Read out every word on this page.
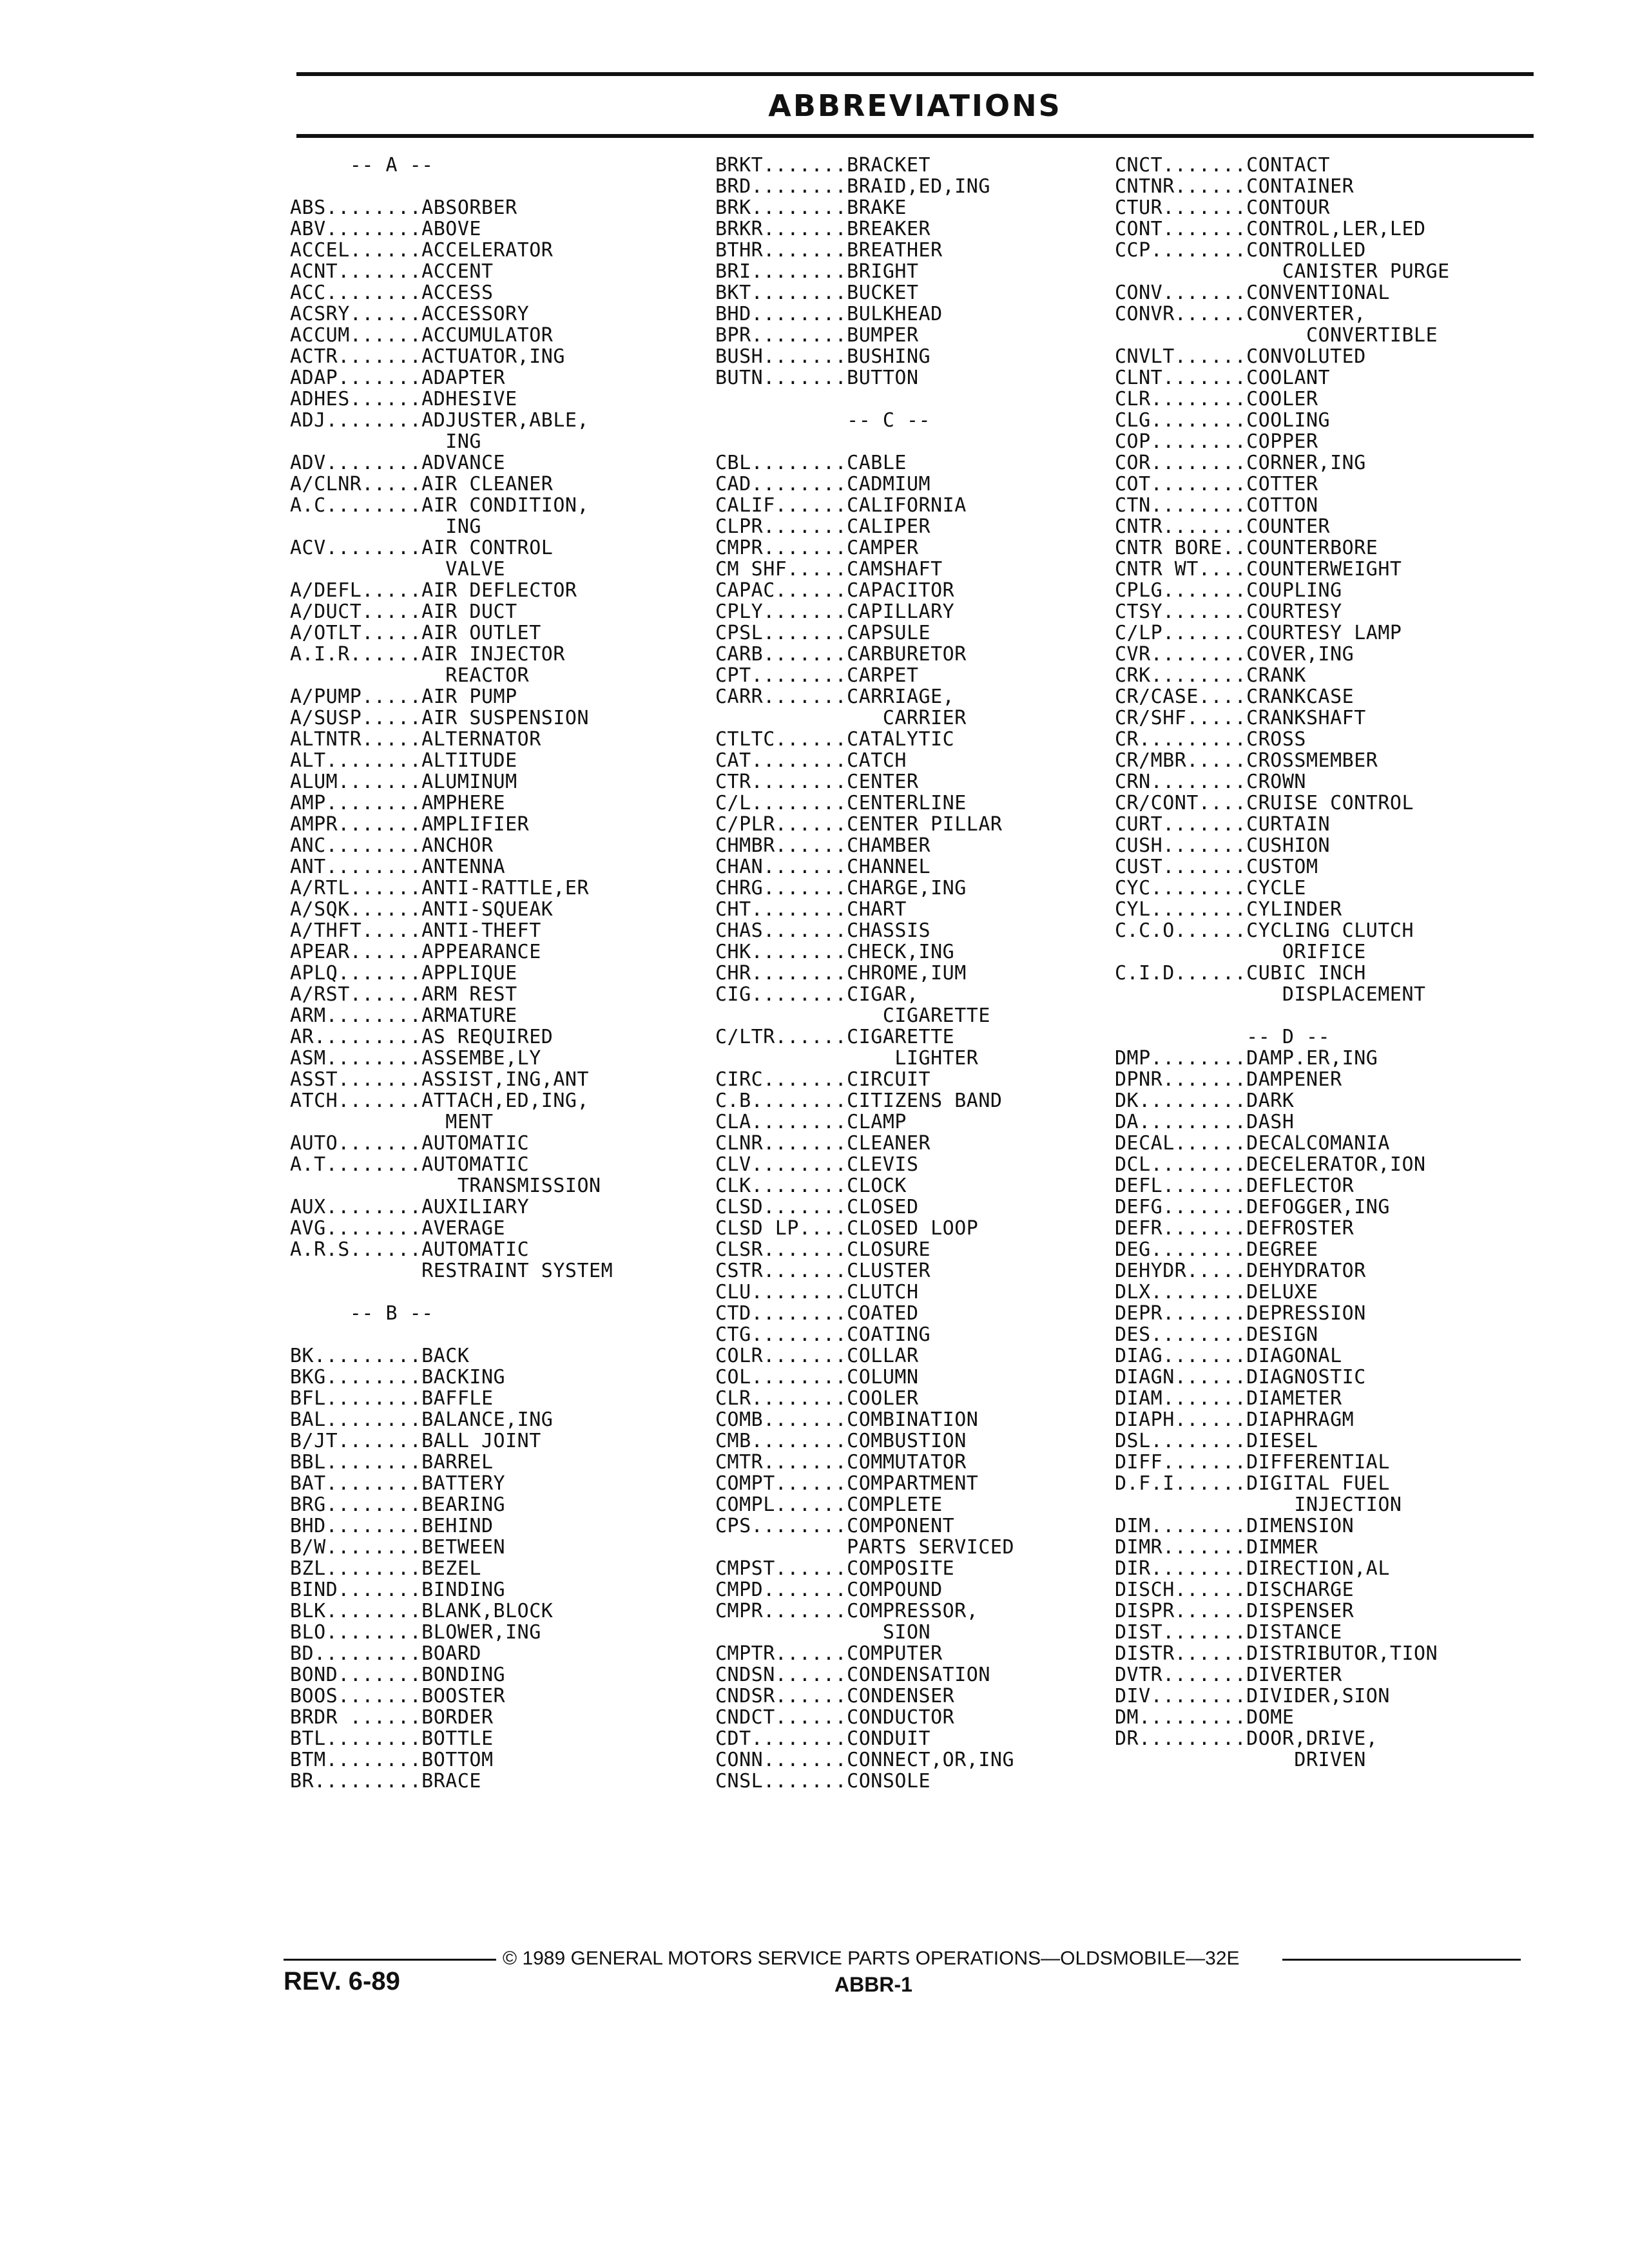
ABBREVIATIONS
-- A --
ABS........ABSORBER
ABV........ABOVE
ACCEL......ACCELERATOR
ACNT.......ACCENT
ACC........ACCESS
ACSRY......ACCESSORY
ACCUM......ACCUMULATOR
ACTR.......ACTUATOR,ING
ADAP.......ADAPTER
ADHES......ADHESIVE
ADJ........ADJUSTER,ABLE,
ING
ADV........ADVANCE
A/CLNR.....AIR CLEANER
A.C........AIR CONDITION,
ING
ACV........AIR CONTROL
VALVE
A/DEFL.....AIR DEFLECTOR
A/DUCT.....AIR DUCT
A/OTLT.....AIR OUTLET
A.I.R......AIR INJECTOR
REACTOR
A/PUMP.....AIR PUMP
A/SUSP.....AIR SUSPENSION
ALTNTR.....ALTERNATOR
ALT........ALTITUDE
ALUM.......ALUMINUM
AMP........AMPHERE
AMPR.......AMPLIFIER
ANC........ANCHOR
ANT........ANTENNA
A/RTL......ANTI-RATTLE,ER
A/SQK......ANTI-SQUEAK
A/THFT.....ANTI-THEFT
APEAR......APPEARANCE
APLQ.......APPLIQUE
A/RST......ARM REST
ARM........ARMATURE
AR.........AS REQUIRED
ASM........ASSEMBE,LY
ASST.......ASSIST,ING,ANT
ATCH.......ATTACH,ED,ING,
MENT
AUTO.......AUTOMATIC
A.T........AUTOMATIC
TRANSMISSION
AUX........AUXILIARY
AVG........AVERAGE
A.R.S......AUTOMATIC
RESTRAINT SYSTEM
-- B --
BK.........BACK
BKG........BACKING
BFL........BAFFLE
BAL........BALANCE,ING
B/JT.......BALL JOINT
BBL........BARREL
BAT........BATTERY
BRG........BEARING
BHD........BEHIND
B/W........BETWEEN
BZL........BEZEL
BIND.......BINDING
BLK........BLANK,BLOCK
BLO........BLOWER,ING
BD.........BOARD
BOND.......BONDING
BOOS.......BOOSTER
BRDR ......BORDER
BTL........BOTTLE
BTM........BOTTOM
BR.........BRACE
BRKT.......BRACKET
BRD........BRAID,ED,ING
BRK........BRAKE
BRKR.......BREAKER
BTHR.......BREATHER
BRI........BRIGHT
BKT........BUCKET
BHD........BULKHEAD
BPR........BUMPER
BUSH.......BUSHING
BUTN.......BUTTON
-- C --
CBL........CABLE
CAD........CADMIUM
CALIF......CALIFORNIA
CLPR.......CALIPER
CMPR.......CAMPER
CM SHF.....CAMSHAFT
CAPAC......CAPACITOR
CPLY.......CAPILLARY
CPSL.......CAPSULE
CARB.......CARBURETOR
CPT........CARPET
CARR.......CARRIAGE,
CARRIER
CTLTC......CATALYTIC
CAT........CATCH
CTR........CENTER
C/L........CENTERLINE
C/PLR......CENTER PILLAR
CHMBR......CHAMBER
CHAN.......CHANNEL
CHRG.......CHARGE,ING
CHT........CHART
CHAS.......CHASSIS
CHK........CHECK,ING
CHR........CHROME,IUM
CIG........CIGAR,
CIGARETTE
C/LTR......CIGARETTE
LIGHTER
CIRC.......CIRCUIT
C.B........CITIZENS BAND
CLA........CLAMP
CLNR.......CLEANER
CLV........CLEVIS
CLK........CLOCK
CLSD.......CLOSED
CLSD LP....CLOSED LOOP
CLSR.......CLOSURE
CSTR.......CLUSTER
CLU........CLUTCH
CTD........COATED
CTG........COATING
COLR.......COLLAR
COL........COLUMN
CLR........COOLER
COMB.......COMBINATION
CMB........COMBUSTION
CMTR.......COMMUTATOR
COMPT......COMPARTMENT
COMPL......COMPLETE
CPS........COMPONENT
PARTS SERVICED
CMPST......COMPOSITE
CMPD.......COMPOUND
CMPR.......COMPRESSOR,
SION
CMPTR......COMPUTER
CNDSN......CONDENSATION
CNDSR......CONDENSER
CNDCT......CONDUCTOR
CDT........CONDUIT
CONN.......CONNECT,OR,ING
CNSL.......CONSOLE
CNCT.......CONTACT
CNTNR......CONTAINER
CTUR.......CONTOUR
CONT.......CONTROL,LER,LED
CCP........CONTROLLED
CANISTER PURGE
CONV.......CONVENTIONAL
CONVR......CONVERTER,
CONVERTIBLE
CNVLT......CONVOLUTED
CLNT.......COOLANT
CLR........COOLER
CLG........COOLING
COP........COPPER
COR........CORNER,ING
COT........COTTER
CTN........COTTON
CNTR.......COUNTER
CNTR BORE..COUNTERBORE
CNTR WT....COUNTERWEIGHT
CPLG.......COUPLING
CTSY.......COURTESY
C/LP.......COURTESY LAMP
CVR........COVER,ING
CRK........CRANK
CR/CASE....CRANKCASE
CR/SHF.....CRANKSHAFT
CR.........CROSS
CR/MBR.....CROSSMEMBER
CRN........CROWN
CR/CONT....CRUISE CONTROL
CURT.......CURTAIN
CUSH.......CUSHION
CUST.......CUSTOM
CYC........CYCLE
CYL........CYLINDER
C.C.O......CYCLING CLUTCH
ORIFICE
C.I.D......CUBIC INCH
DISPLACEMENT
-- D --
DMP........DAMP.ER,ING
DPNR.......DAMPENER
DK.........DARK
DA.........DASH
DECAL......DECALCOMANIA
DCL........DECELERATOR,ION
DEFL.......DEFLECTOR
DEFG.......DEFOGGER,ING
DEFR.......DEFROSTER
DEG........DEGREE
DEHYDR.....DEHYDRATOR
DLX........DELUXE
DEPR.......DEPRESSION
DES........DESIGN
DIAG.......DIAGONAL
DIAGN......DIAGNOSTIC
DIAM.......DIAMETER
DIAPH......DIAPHRAGM
DSL........DIESEL
DIFF.......DIFFERENTIAL
D.F.I......DIGITAL FUEL
INJECTION
DIM........DIMENSION
DIMR.......DIMMER
DIR........DIRECTION,AL
DISCH......DISCHARGE
DISPR......DISPENSER
DIST.......DISTANCE
DISTR......DISTRIBUTOR,TION
DVTR.......DIVERTER
DIV........DIVIDER,SION
DM.........DOME
DR.........DOOR,DRIVE,
DRIVEN
© 1989 GENERAL MOTORS SERVICE PARTS OPERATIONS—OLDSMOBILE—32E
REV. 6-89	ABBR-1
